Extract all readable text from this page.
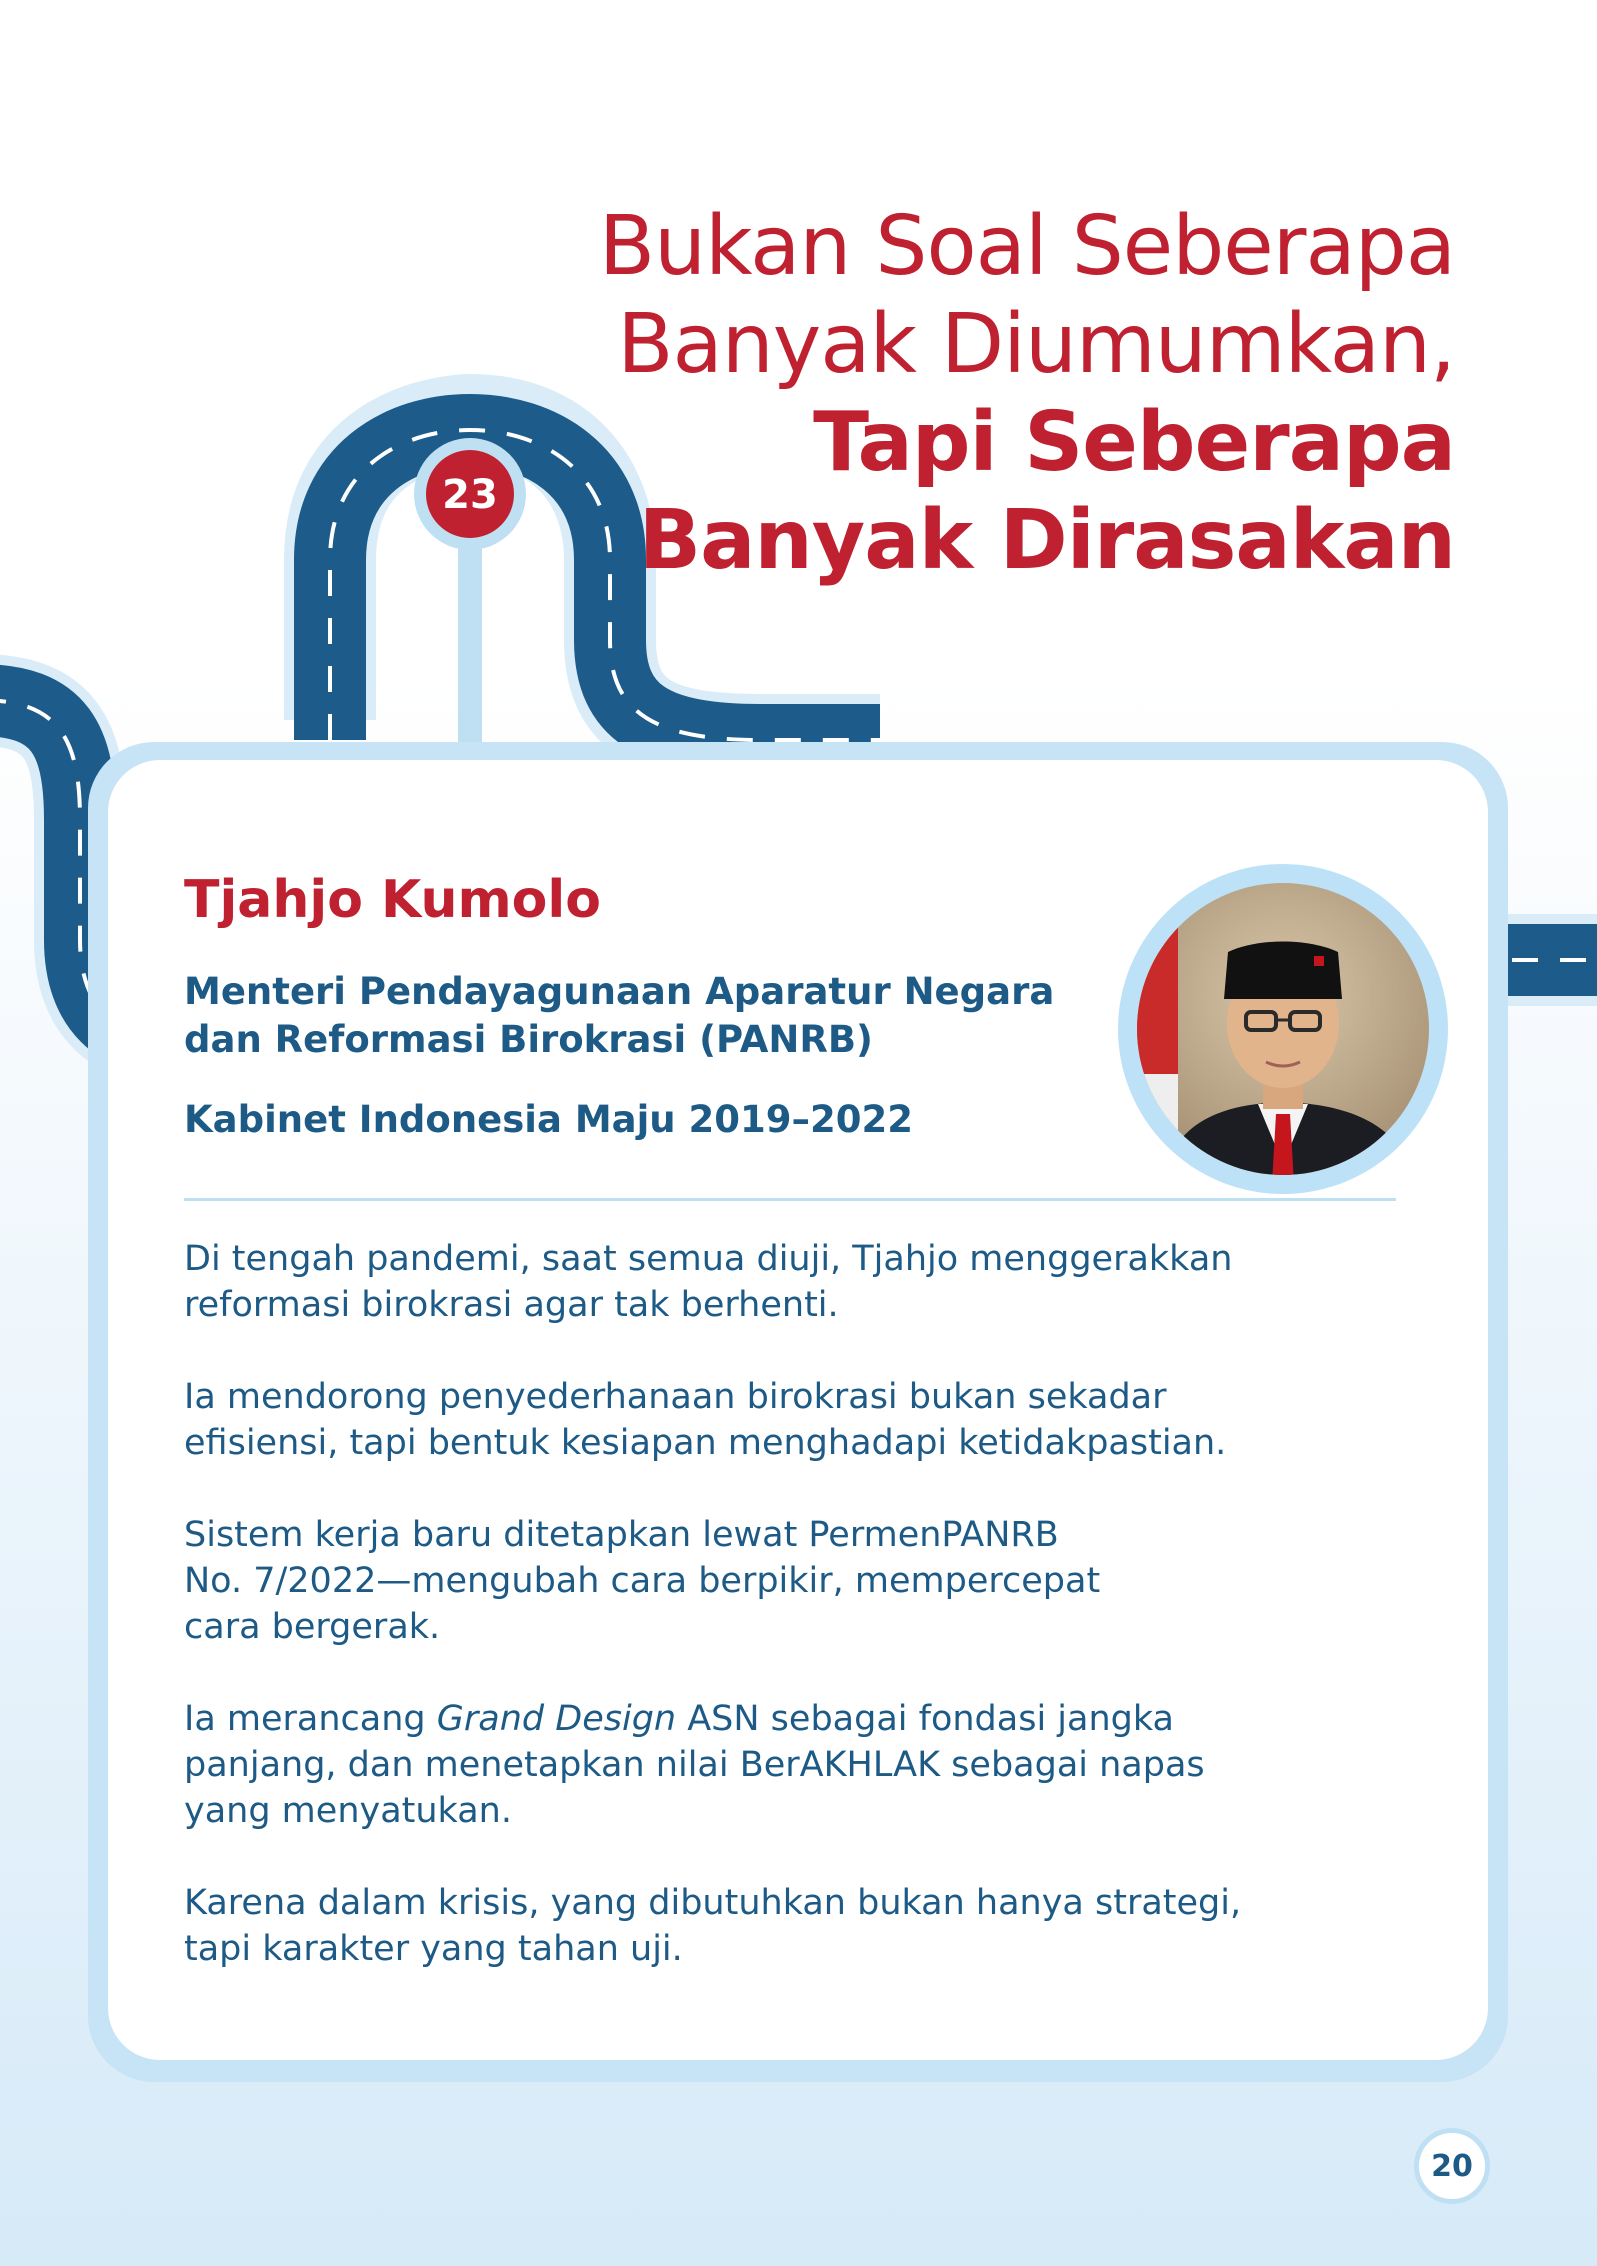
23
Bukan Soal Seberapa
Banyak Diumumkan,
Tapi Seberapa
Banyak Dirasakan
Tjahjo Kumolo
Menteri Pendayagunaan Aparatur Negara
dan Reformasi Birokrasi (PANRB)
Kabinet Indonesia Maju 2019–2022

Di tengah pandemi, saat semua diuji, Tjahjo menggerakkan
reformasi birokrasi agar tak berhenti.

Ia mendorong penyederhanaan birokrasi bukan sekadar
efisiensi, tapi bentuk kesiapan menghadapi ketidakpastian.

Sistem kerja baru ditetapkan lewat PermenPANRB
No. 7/2022—mengubah cara berpikir, mempercepat
cara bergerak.

Ia merancang Grand Design ASN sebagai fondasi jangka
panjang, dan menetapkan nilai BerAKHLAK sebagai napas
yang menyatukan.

Karena dalam krisis, yang dibutuhkan bukan hanya strategi,
tapi karakter yang tahan uji.

20
